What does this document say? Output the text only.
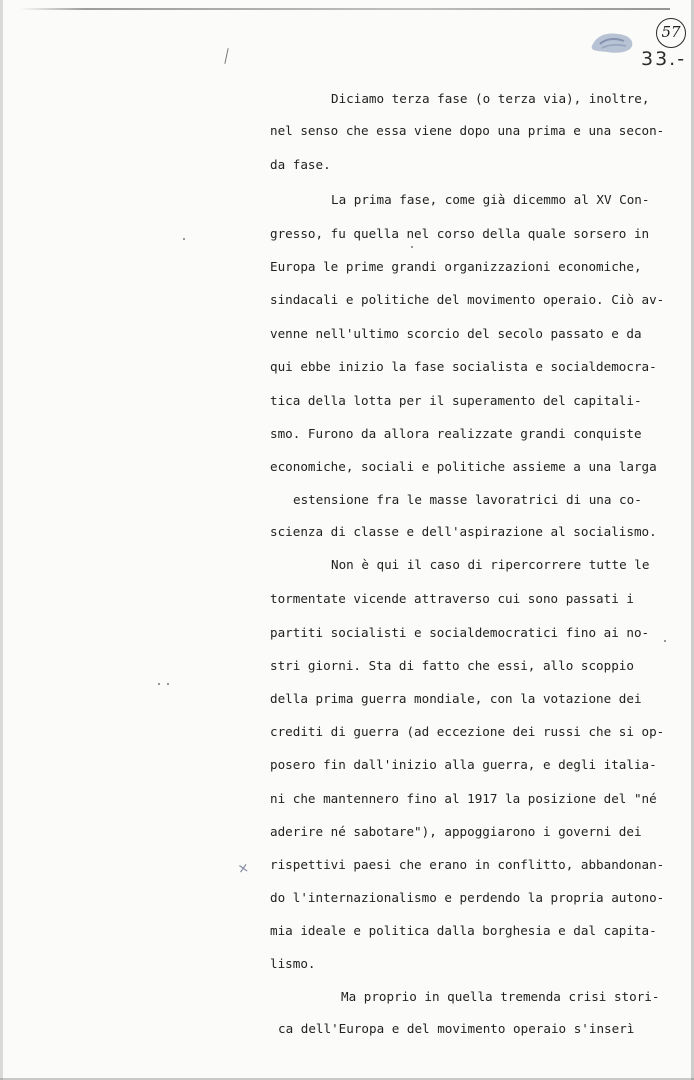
57
33.-
✕
Diciamo terza fase (o terza via), inoltre,
nel senso che essa viene dopo una prima e una secon-
da fase.
La prima fase, come già dicemmo al XV Con-
gresso, fu quella nel corso della quale sorsero in
Europa le prime grandi organizzazioni economiche,
sindacali e politiche del movimento operaio. Ciò av-
venne nell'ultimo scorcio del secolo passato e da
qui ebbe inizio la fase socialista e socialdemocra-
tica della lotta per il superamento del capitali-
smo. Furono da allora realizzate grandi conquiste
economiche, sociali e politiche assieme a una larga
estensione fra le masse lavoratrici di una co-
scienza di classe e dell'aspirazione al socialismo.
Non è qui il caso di ripercorrere tutte le
tormentate vicende attraverso cui sono passati i
partiti socialisti e socialdemocratici fino ai no-
stri giorni. Sta di fatto che essi, allo scoppio
della prima guerra mondiale, con la votazione dei
crediti di guerra (ad eccezione dei russi che si op-
posero fin dall'inizio alla guerra, e degli italia-
ni che mantennero fino al 1917 la posizione del "né
aderire né sabotare"), appoggiarono i governi dei
rispettivi paesi che erano in conflitto, abbandonan-
do l'internazionalismo e perdendo la propria autono-
mia ideale e politica dalla borghesia e dal capita-
lismo.
Ma proprio in quella tremenda crisi stori-
ca dell'Europa e del movimento operaio s'inserì
